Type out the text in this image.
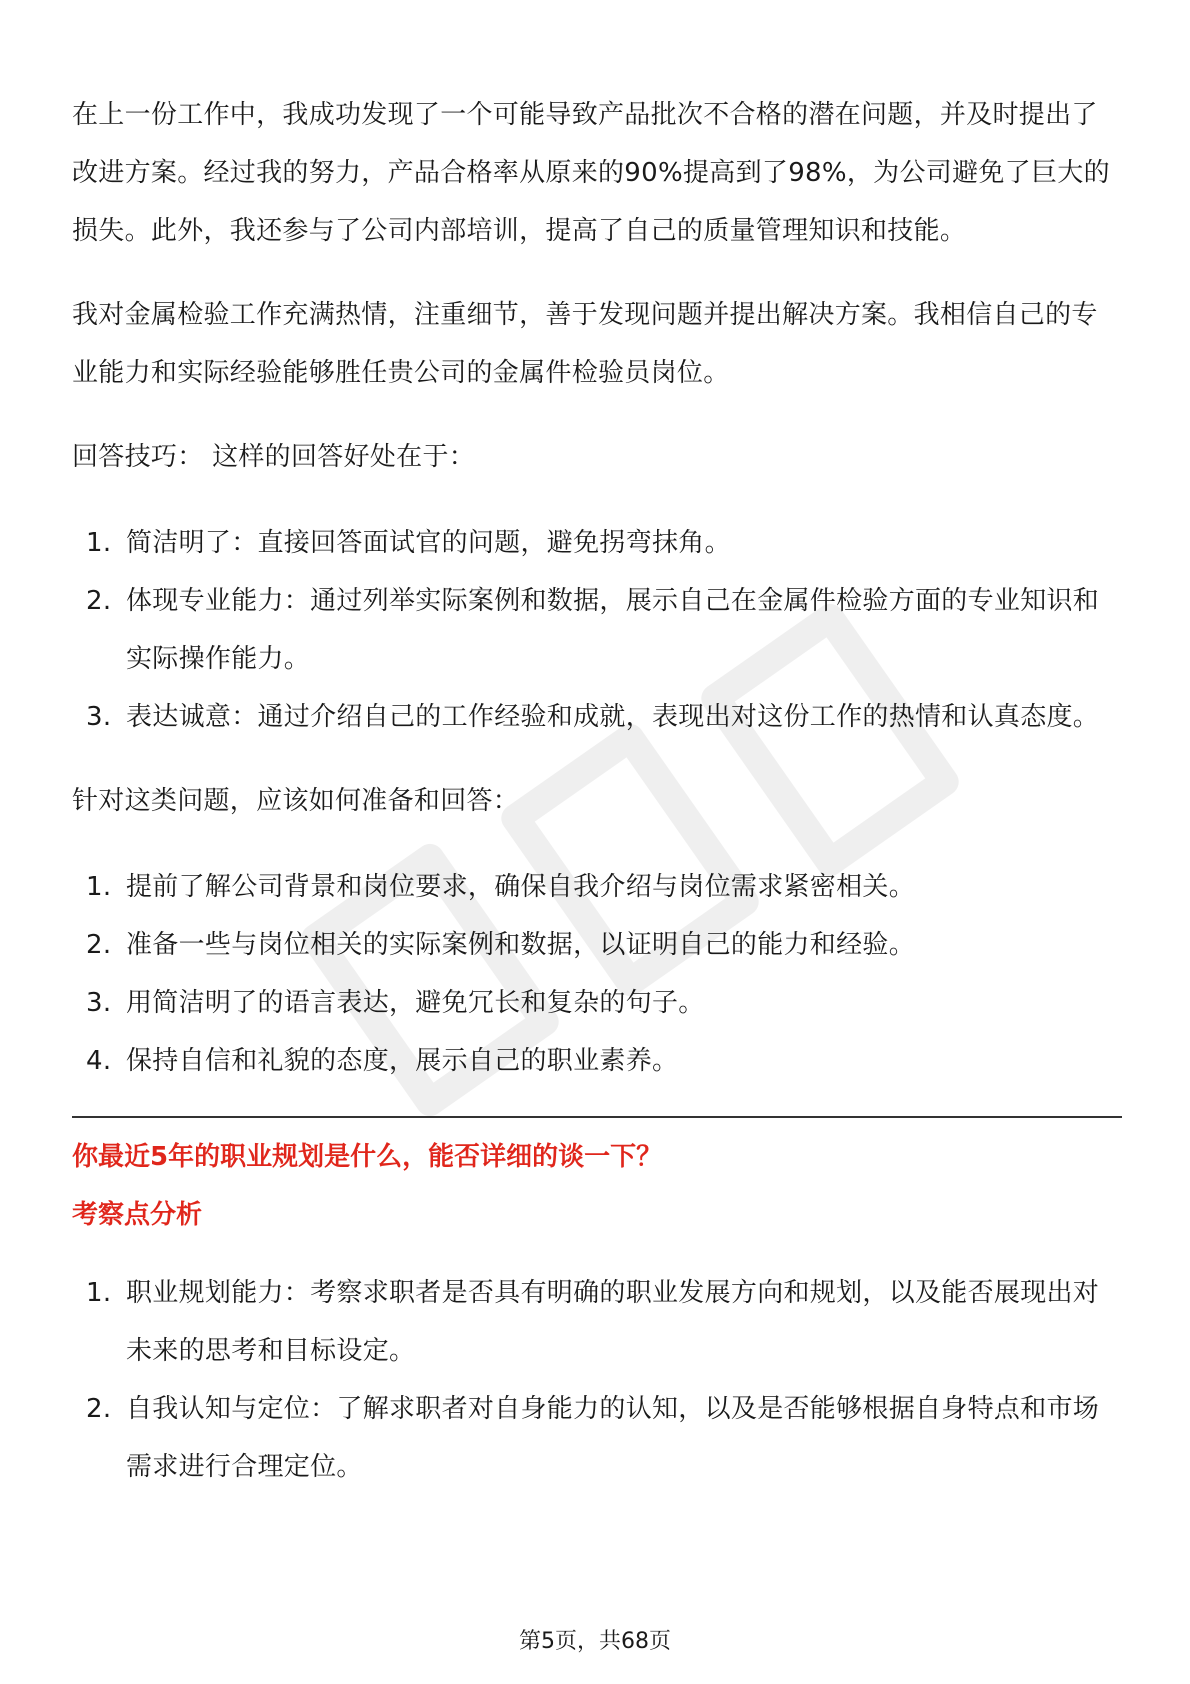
在上一份工作中，我成功发现了一个可能导致产品批次不合格的潜在问题，并及时提出了改进方案。经过我的努力，产品合格率从原来的90%提高到了98%，为公司避免了巨大的损失。此外，我还参与了公司内部培训，提高了自己的质量管理知识和技能。

我对金属检验工作充满热情，注重细节，善于发现问题并提出解决方案。我相信自己的专业能力和实际经验能够胜任贵公司的金属件检验员岗位。

回答技巧： 这样的回答好处在于：

1. 简洁明了：直接回答面试官的问题，避免拐弯抹角。
2. 体现专业能力：通过列举实际案例和数据，展示自己在金属件检验方面的专业知识和实际操作能力。
3. 表达诚意：通过介绍自己的工作经验和成就，表现出对这份工作的热情和认真态度。

针对这类问题，应该如何准备和回答：

1. 提前了解公司背景和岗位要求，确保自我介绍与岗位需求紧密相关。
2. 准备一些与岗位相关的实际案例和数据，以证明自己的能力和经验。
3. 用简洁明了的语言表达，避免冗长和复杂的句子。
4. 保持自信和礼貌的态度，展示自己的职业素养。

你最近5年的职业规划是什么，能否详细的谈一下？

考察点分析

1. 职业规划能力：考察求职者是否具有明确的职业发展方向和规划，以及能否展现出对未来的思考和目标设定。
2. 自我认知与定位：了解求职者对自身能力的认知，以及是否能够根据自身特点和市场需求进行合理定位。
第5页，共68页
